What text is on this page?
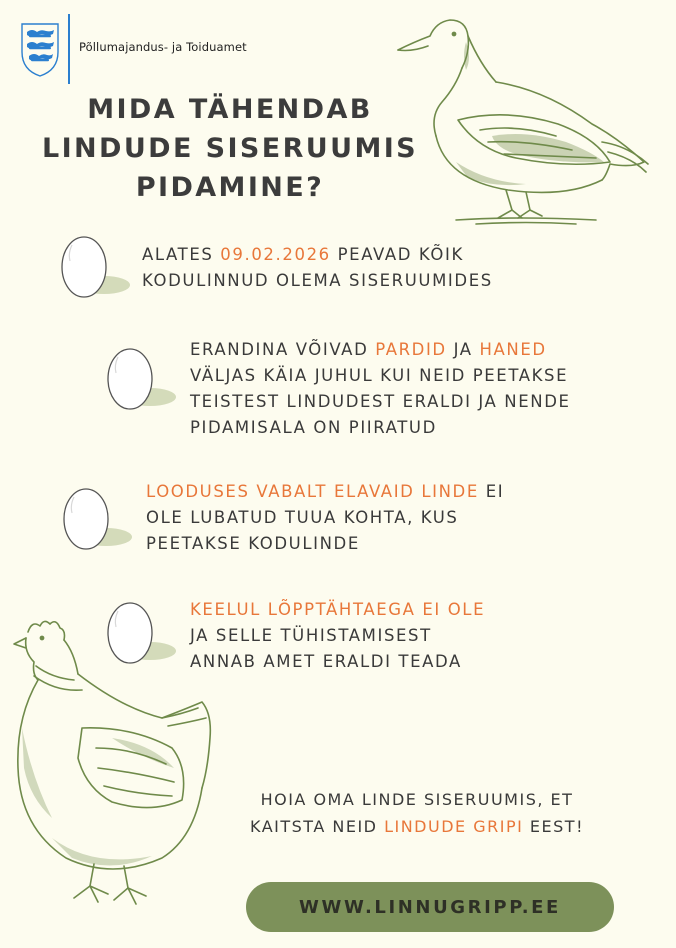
Põllumajandus- ja Toiduamet
MIDA TÄHENDAB
LINDUDE SISERUUMIS
PIDAMINE?
ALATES 09.02.2026 PEAVAD KÕIK
KODULINNUD OLEMA SISERUUMIDES
ERANDINA VÕIVAD PARDID JA HANED
VÄLJAS KÄIA JUHUL KUI NEID PEETAKSE
TEISTEST LINDUDEST ERALDI JA NENDE
PIDAMISALA ON PIIRATUD
LOODUSES VABALT ELAVAID LINDE EI
OLE LUBATUD TUUA KOHTA, KUS
PEETAKSE KODULINDE
KEELUL LÕPPTÄHTAEGA EI OLE
JA SELLE TÜHISTAMISEST
ANNAB AMET ERALDI TEADA
HOIA OMA LINDE SISERUUMIS, ET
KAITSTA NEID LINDUDE GRIPI EEST!
WWW.LINNUGRIPP.EE
